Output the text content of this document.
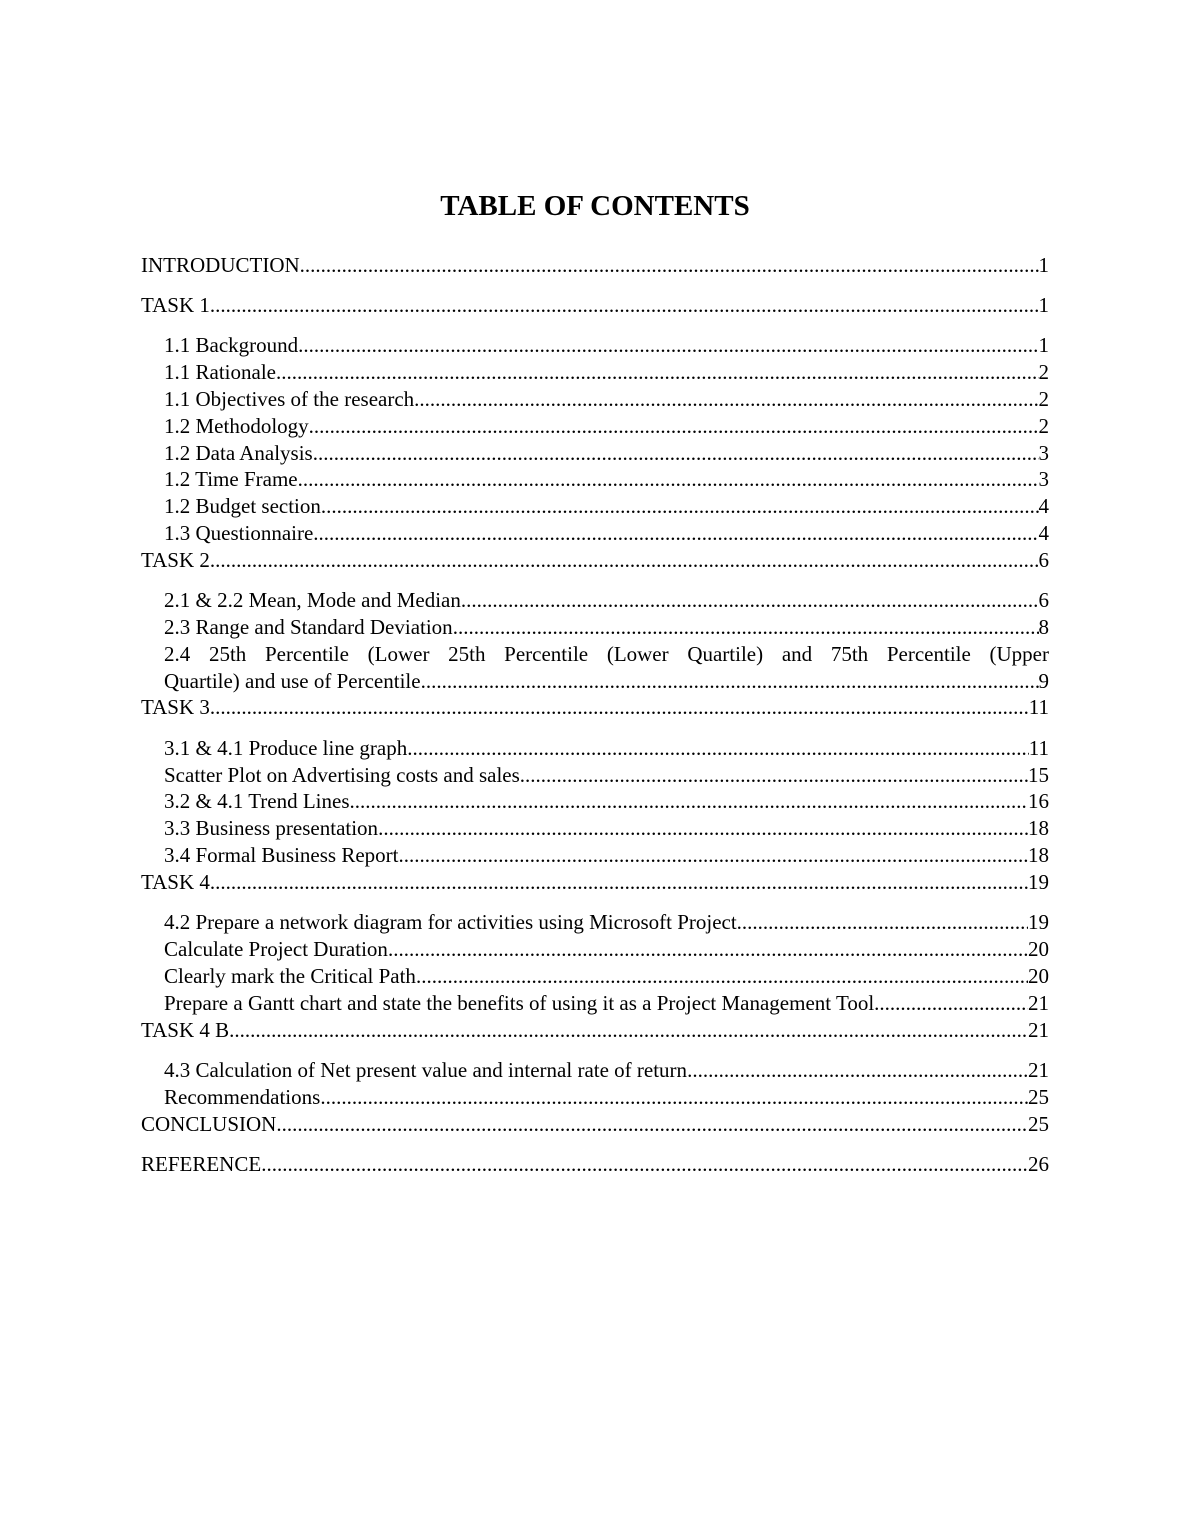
TABLE OF CONTENTS
INTRODUCTION .....	1
TASK 1 .....	1
1.1 Background .....	1
1.1 Rationale .....	2
1.1 Objectives of the research .....	2
1.2 Methodology .....	2
1.2 Data Analysis .....	3
1.2 Time Frame .....	3
1.2 Budget section .....	4
1.3 Questionnaire .....	4
TASK 2 .....	6
2.1 & 2.2 Mean, Mode and Median .....	6
2.3 Range and Standard Deviation .....	8
2.4 25th Percentile (Lower 25th Percentile (Lower Quartile) and 75th Percentile (Upper
Quartile) and use of Percentile .....	9
TASK 3 .....	11
3.1 & 4.1 Produce line graph .....	11
Scatter Plot on Advertising costs and sales .....	15
3.2 & 4.1 Trend Lines .....	16
3.3 Business presentation .....	18
3.4 Formal Business Report .....	18
TASK 4 .....	19
4.2 Prepare a network diagram for activities using Microsoft Project .....	19
Calculate Project Duration .....	20
Clearly mark the Critical Path .....	20
Prepare a Gantt chart and state the benefits of using it as a Project Management Tool .....	21
TASK 4 B .....	21
4.3 Calculation of Net present value and internal rate of return .....	21
Recommendations .....	25
CONCLUSION .....	25
REFERENCE .....	26
